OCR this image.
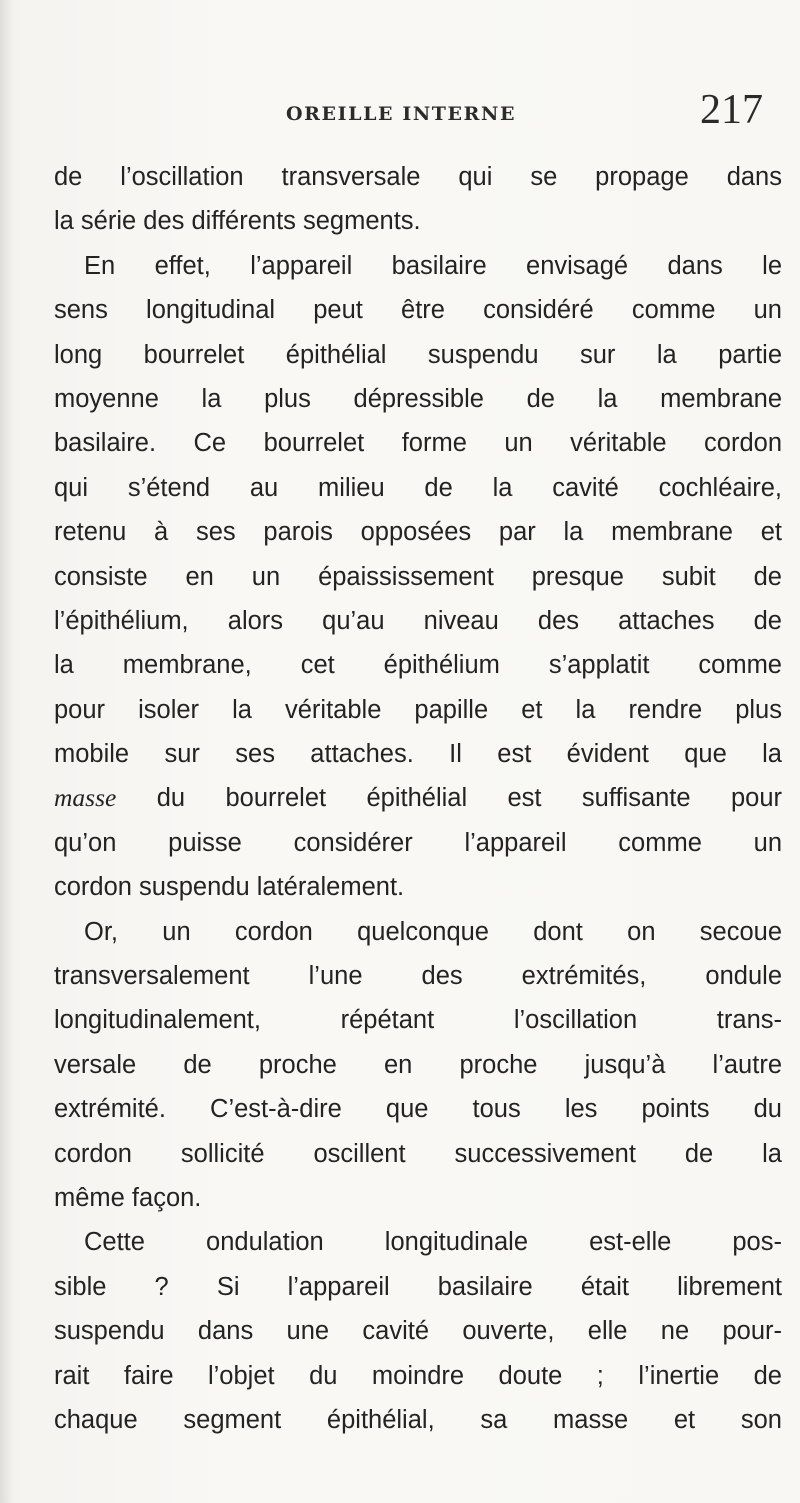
OREILLE INTERNE	217
de l’oscillation transversale qui se propage dans
la série des différents segments.
En effet, l’appareil basilaire envisagé dans le
sens longitudinal peut être considéré comme un
long bourrelet épithélial suspendu sur la partie
moyenne la plus dépressible de la membrane
basilaire. Ce bourrelet forme un véritable cordon
qui s’étend au milieu de la cavité cochléaire,
retenu à ses parois opposées par la membrane et
consiste en un épaississement presque subit de
l’épithélium, alors qu’au niveau des attaches de
la membrane, cet épithélium s’applatit comme
pour isoler la véritable papille et la rendre plus
mobile sur ses attaches. Il est évident que la
masse du bourrelet épithélial est suffisante pour
qu’on puisse considérer l’appareil comme un
cordon suspendu latéralement.
Or, un cordon quelconque dont on secoue
transversalement l’une des extrémités, ondule
longitudinalement, répétant l’oscillation trans-
versale de proche en proche jusqu’à l’autre
extrémité. C’est-à-dire que tous les points du
cordon sollicité oscillent successivement de la
même façon.
Cette ondulation longitudinale est-elle pos-
sible ? Si l’appareil basilaire était librement
suspendu dans une cavité ouverte, elle ne pour-
rait faire l’objet du moindre doute ; l’inertie de
chaque segment épithélial, sa masse et son
